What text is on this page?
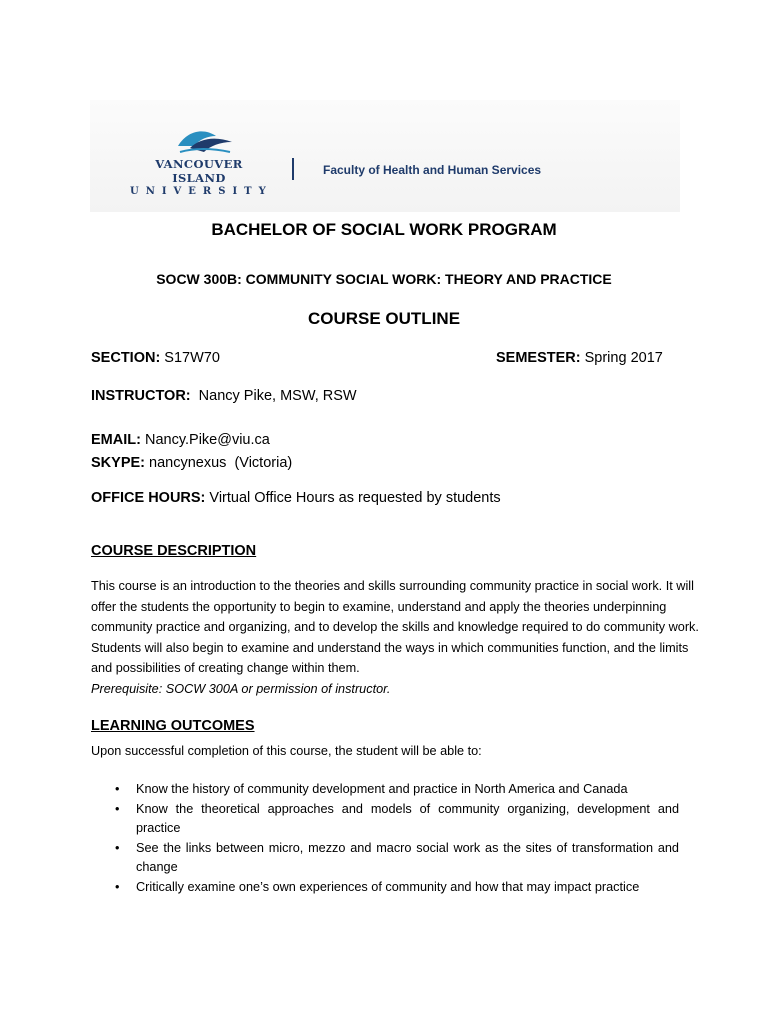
VANCOUVER ISLAND
UNIVERSITY
Faculty of Health and Human Services
BACHELOR OF SOCIAL WORK PROGRAM
SOCW 300B: COMMUNITY SOCIAL WORK: THEORY AND PRACTICE
COURSE OUTLINE
SECTION: S17W70	SEMESTER: Spring 2017
INSTRUCTOR:  Nancy Pike, MSW, RSW
EMAIL: Nancy.Pike@viu.ca
SKYPE: nancynexus  (Victoria)
OFFICE HOURS: Virtual Office Hours as requested by students
COURSE DESCRIPTION
This course is an introduction to the theories and skills surrounding community practice in social work. It will offer the students the opportunity to begin to examine, understand and apply the theories underpinning community practice and organizing, and to develop the skills and knowledge required to do community work. Students will also begin to examine and understand the ways in which communities function, and the limits and possibilities of creating change within them.
Prerequisite: SOCW 300A or permission of instructor.
LEARNING OUTCOMES
Upon successful completion of this course, the student will be able to:
• Know the history of community development and practice in North America and Canada
• Know the theoretical approaches and models of community organizing, development and practice
• See the links between micro, mezzo and macro social work as the sites of transformation and change
• Critically examine one’s own experiences of community and how that may impact practice
